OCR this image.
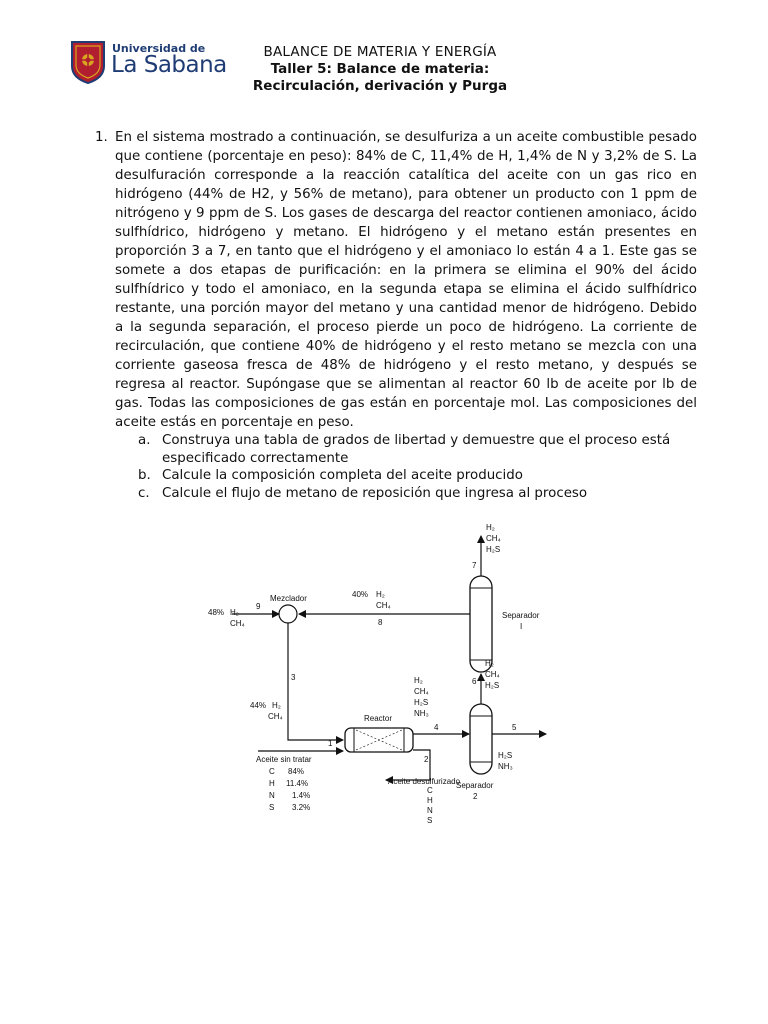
Universidad de
La Sabana	BALANCE DE MATERIA Y ENERGÍA
Taller 5: Balance de materia:
Recirculación, derivación y Purga
1. En el sistema mostrado a continuación, se desulfuriza a un aceite combustible pesado que contiene (porcentaje en peso): 84% de C, 11,4% de H, 1,4% de N y 3,2% de S. La desulfuración corresponde a la reacción catalítica del aceite con un gas rico en hidrógeno (44% de H2, y 56% de metano), para obtener un producto con 1 ppm de nitrógeno y 9 ppm de S. Los gases de descarga del reactor contienen amoniaco, ácido sulfhídrico, hidrógeno y metano. El hidrógeno y el metano están presentes en proporción 3 a 7, en tanto que el hidrógeno y el amoniaco lo están 4 a 1. Este gas se somete a dos etapas de purificación: en la primera se elimina el 90% del ácido sulfhídrico y todo el amoniaco, en la segunda etapa se elimina el ácido sulfhídrico restante, una porción mayor del metano y una cantidad menor de hidrógeno. Debido a la segunda separación, el proceso pierde un poco de hidrógeno. La corriente de recirculación, que contiene 40% de hidrógeno y el resto metano se mezcla con una corriente gaseosa fresca de 48% de hidrógeno y el resto metano, y después se regresa al reactor. Supóngase que se alimentan al reactor 60 lb de aceite por lb de gas. Todas las composiciones de gas están en porcentaje mol. Las composiciones del aceite estás en porcentaje en peso.
a. Construya una tabla de grados de libertad y demuestre que el proceso está especificado correctamente
b. Calcule la composición completa del aceite producido
c. Calcule el flujo de metano de reposición que ingresa al proceso
Mezclador
9
48% H₂
CH₄
Separador
I
7
H₂
CH₄
H₂S
8
40% H₂
CH₄
3
44% H₂
CH₄	Reactor
1
Aceite sin tratar
C 84%
H 11.4%
N 1.4%
S 3.2%
2
Aceite desulfurizado
C
H
N
S
4
H₂
CH₄
H₂S
NH₃
Separador
2
6
H₂
CH₄
H₂S
5
H₂S
NH₃
